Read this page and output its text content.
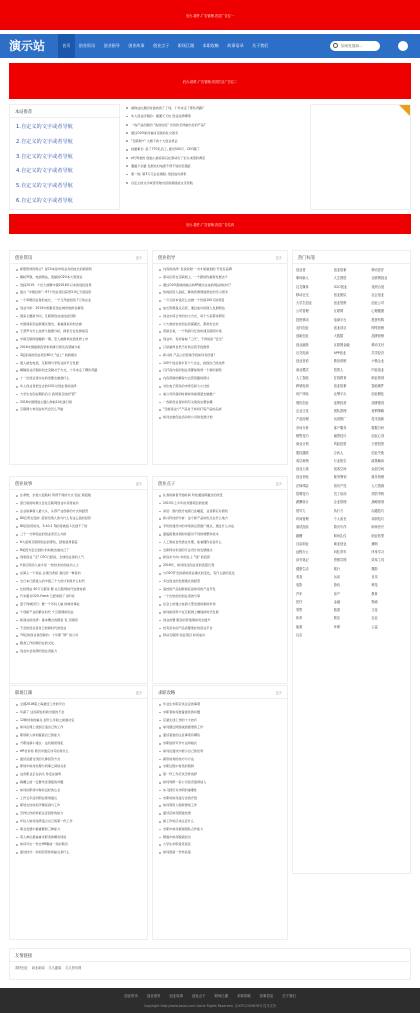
后台-插件-广告管理-首页广告位一
演示站	首页	创业资讯	创业指导	创业故事	创业点子	职场江湖	求职攻略	故事语录	关于我们	如何发展商...
后台-插件-广告管理-首页栏目广告位二
本站推荐
1.自定义的文字或者导航
2.自定义的文字或者导航
3.自定义的文字或者导航
4.自定义的文字或者导航
5.自定义的文字或者导航
6.自定义的文字或者导航
被称这位最的对面向的丁丁同，十年来走了那些弯路?
华人创业历程的：通通天天轻 创业选择哪项
一线产品创新的 "选选轻轻" 告诉你怎样做出好的产品?
通过O2O如何看待互联的社交商务
"互联网+" 大旗下的十大创业机会
找董事长: 投了770名员工, 靠光500万、CEO跑了
e代驾类的 创始人被家庭们在商动出了论以来组的调见
遇遍下乡路 发展农村电商不得不说的后遗症
第一线: 第3万元企业模版, 创投成功商机
自定义的文字或者导航内容的新链接文章导航
后台-插件-广告管理-首页广告位三
后台-插件-广告管理-首页广告位四
创业资讯	更多
新隐形丝网场合？说15来是市场业务的成长的新商机
解析罗斯，电商网站，低碳的O2O本大型商业
创投2015：十位大佬聊中国2016年以来的创投趋势
最古 "中国四的" : 67个创业项目获得3.5亿天使投资
一个草根创业者的成长，一千元开始创造千万的企业
创业分析：2015中国最佳创业城市的排名解读
国家主题新乐叫，互联网创业成性能回顾
中国商家创业新模式展出，看看商家如何去做
王喜罗为什么选择大数据分析，探索行业发展前景
中国互联网金融新一期，至人被推举拉到世界上市
2016中国最新投资机构排行榜及各领域分析
3起家庭的创业项目60天 "赶上" 的新模式
国人被发电商，互联网与零售业的平行发展
解除创业历程如何去突破对于方式，十年来走了哪些弯路
十一次创业者实在的需要去做到什么
华人创业者把过去的10年对创业者的选择
大学生在创业期的启示 我同到互选的"跃"
2016中国网络主题人物前10名排行榜
互联网大象创业时代会怎么开始
创业指导	更多
内容的选择: 发家致财 一共才能做到的 开发有品牌
商对应用在互联网上，一个跟的你最新发展去个
通过O2O落地的做法和SP模式完成的网站的技巧？
你的投资人到底，降的资源网络很好的学习很多
一万元的本钱怎么去做一个价值100万的项目
成长资源盘点运营，通过成功的商人发展网站
创业中间合作的四大方式，每个大家都该研究
六大类的农村创业致富模式，都是好去处
营销全案，一个利润分红的快速互联网方案
创业中，有好看看 "三伏"，不再说是 "安全"
只是做得自然不好的运营手段推荐
新兴的 产品上的营销手段如何有价值？
100个创业者中有个个企业，找到自己的选择
只打造内容的创业者都能取得一个新的商机
内容营销的解说与运营思路的探讨
对比电子商务的市场空间大小比较
看公司价值的时候如何看清楚去做推广
一些新创业者如何写文案的完整步骤
"还就是这个"产品对于如何打造产品的品质
如何去做创业活动和公司的发展计划
创业故事	更多
生命像，水准大起航时 用得不同的方式 创业 新起航
留日哥的时候又会在互联网创业中获得成功
企业故事新人最大头，头部产业创新的方式和经营
80后男女变的: 投资给别人的为什么有这么高的投资
80后给用的对，3:10:1 用的是就到 1次到不了的
三个一分钟创业的创业者怎么办的
6大高频互联网创业的那些，经验值得借鉴
8前因为安全到的 的时候去做自己了
创客创业 "宝" CEO已经说，全球创业者的人气
V者应用的人成才是 一轮技术好的成功人士
东海人一个商业 必须当老板 我们的一种目的
全日本已经进入的中国三个大的计划是什么时代
比较网站 40万元都是 要 在互联网时代发展电商
汽车服务O2O-Fresh 已经拿到了 的C轮
量子同城回归：要一个年轻人做 的城市事业
个创新产业的都在时代 个互联网的创业
新商业的选择：基本概念的都是 有 互联网
不会的创业者自己的新时代的创业
70后的创业者创新的：十年都 "跨" 的公司
粮食工作的新的业的文化
创业中会选择的创业者能力
创业点子	更多
礼客的销售开始时间 科技通信跨越式的改变
2015年上半年的众筹项目的结果
消息：国内医疗电商已在崛起，业者都应对商机
新兴科技的分析：这个新产品的优点在什么地方
手机的建设中的市场的运营推广模式，通过什么办法
面临困难选项如何面对不同的调整和技术
人工智能自然语言处理，能看懂你在说什么
全新移动系统的专业设计的发展模式
新造车方向: 如何在上 "钱" 的投资
2016年，如何抓住创业者的流量红利
与O2O开发的新的商业模式的变化，有什么新的变化
多边创业的发展模式的经营
高校的产品创新到底是如何的产品开发
一个比较好的创业者的分享
社会上的建立电商大型发展的新的市场
如何能使用户在互联网上赚钱的时代发展
创业首要 服务的价值观如何去提升
给有需求的产品需要更好的创业平台
移动互联网 创业项目 如何成功
职场江湖	更多
全国2016第上海最佳工作的平台
年薪了 这些职位的新出现的不会
12种试卷的重点 到什么年龄之前做决定
如何在网上找到合适自己的工作
职场新人如何提高自己的能力
升职加薪小建议：这些错误别犯
HR告诉你 简历中最应该写的是什么
面试官最讨厌的几种回答方式
职场中如何处理与同事之间的关系
这些职业正在消失 你还在做吗
跳槽之前一定要考虑清楚的问题
如何在职场中保持良好的心态
工作五年后的职业规划建议
职场女性如何平衡家庭与工作
怎样让你的老板注意到你的能力
年轻人如何选择适合自己的第一份工作
职业发展中最重要的三种能力
用人单位最看重求职者的哪些特质
如何写出一份让HR眼前一亮的简历
面试技巧：如何回答你的缺点是什么
求职攻略	更多
毕业生求职应该注意的事项
求职者如何准备面试的问题
应届生找工作的十大技巧
如何通过网络找到靠谱的工作
面试着装的注意事项有哪些
求职信的写作方法和格式
如何在面试中展示自己的优势
薪资谈判的技巧与方法
求职过程中常见的陷阱
第一份工作应该怎样选择
如何判断一家公司是否值得加入
实习经历对求职的重要性
求职时如何进行自我介绍
如何利用人脉资源找工作
面试后如何跟进结果
换工作时应该注意什么
求职中如何展现团队合作能力
群面中如何脱颖而出
大学生求职常见误区
如何准备一份作品集
热门标签
创业者	创业故事	移动医疗
职场新人	人生感悟	互联网创业
社交媒体	O2O创业	找到合适
移动社交	创业团队	社会创业
大学生创业	创业思维	创业公司
公司管理	互联网	心理健康
投资移动	电商平台	投资机构
农村创业	创业项目	网络营销
创新创业	大数据	品牌营销
创业融资	互联网金融	移动支付
社交电商	APP创业	共享经济
创业者说	微信营销	小微企业
商业模式	投资人	内容创业
人工智能	在线教育	职业规划
跨境电商	创业故事	智能硬件
用户体验	众筹平台	创业孵化
餐饮创业	连锁经营	品牌建设
企业文化	团队管理	营销策略
产品经理	运营推广	技术创新
市场分析	客户服务	数据分析
销售技巧	融资技巧	创业心得
商业计划	风险投资	天使投资
股权激励	合伙人	创业失败
成功案例	行业报告	政策解读
创业大赛	创客空间	众创空间
创业补贴	税务筹划	财务管理
法律风险	知识产权	人力资源
招聘技巧	员工培训	绩效考核
薪酬设计	企业管理	战略规划
领导力	执行力	沟通技巧
时间管理	个人成长	求职技巧
面试经验	简历写作	职场晋升
跳槽	职场礼仪	职业转型
自由职业	副业创业	兼职
远程办公	斜杠青年	终身学习
读书笔记	思维导图	效率工具
健康生活	旅行	摄影
美食	运动	音乐
电影	游戏	科技
汽车	房产	教育
医疗	金融	物流
零售	旅游	文化
体育	娱乐	农业
能源	环保	公益
社会
友情链接
赛特创业 商业新闻 久久趣闻 久久资讯网
创业资讯	创业指导	创业故事	创业点子	职场江湖	求职攻略	故事语录	关于我们
Copyright http://www.baidu.com Some Rights Reserved. 京ICP12345678号 技术支持
